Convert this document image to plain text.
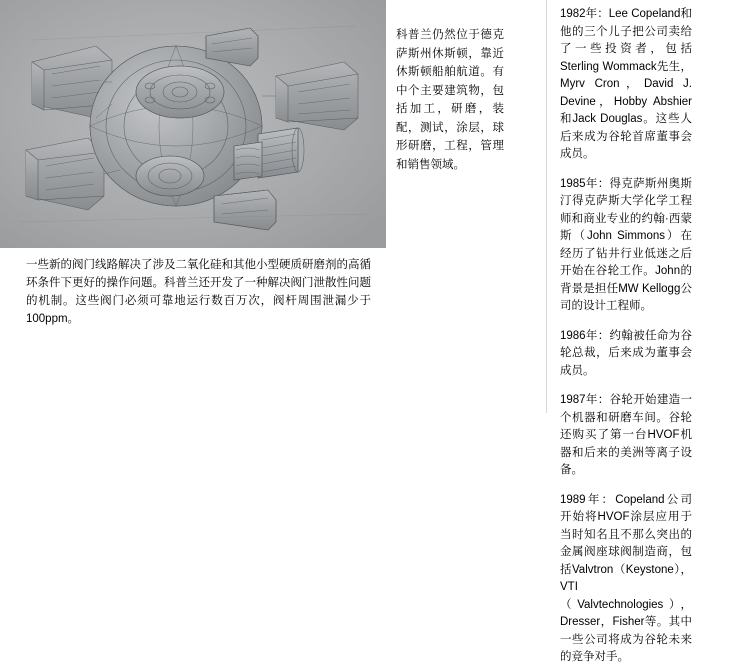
一些新的阀门线路解决了涉及二氧化硅和其他小型硬质研磨剂的高循环条件下更好的操作问题。科普兰还开发了一种解决阀门泄散性问题的机制。这些阀门必须可靠地运行数百万次，阀杆周围泄漏少于100ppm。
科普兰仍然位于德克萨斯州休斯顿，靠近休斯顿船舶航道。有中个主要建筑物，包括加工，研磨，装配，测试，涂层，球形研磨，工程，管理和销售领域。

1982年：Lee Copeland和他的三个儿子把公司卖给了一些投资者，包括Sterling Wommack先生，Myrv Cron，David J. Devine，Hobby Abshier和Jack Douglas。这些人后来成为谷轮首席董事会成员。

1985年：得克萨斯州奥斯汀得克萨斯大学化学工程师和商业专业的约翰·西蒙斯（John Simmons）在经历了钻井行业低迷之后开始在谷轮工作。John的背景是担任MW Kellogg公司的设计工程师。

1986年：约翰被任命为谷轮总裁，后来成为董事会成员。

1987年：谷轮开始建造一个机器和研磨车间。谷轮还购买了第一台HVOF机器和后来的美洲等离子设备。

1989年：Copeland公司开始将HVOF涂层应用于当时知名且不那么突出的金属阀座球阀制造商，包括Valvtron（Keystone），VTI（Valvtechnologies），Dresser，Fisher等。其中一些公司将成为谷轮未来的竞争对手。
